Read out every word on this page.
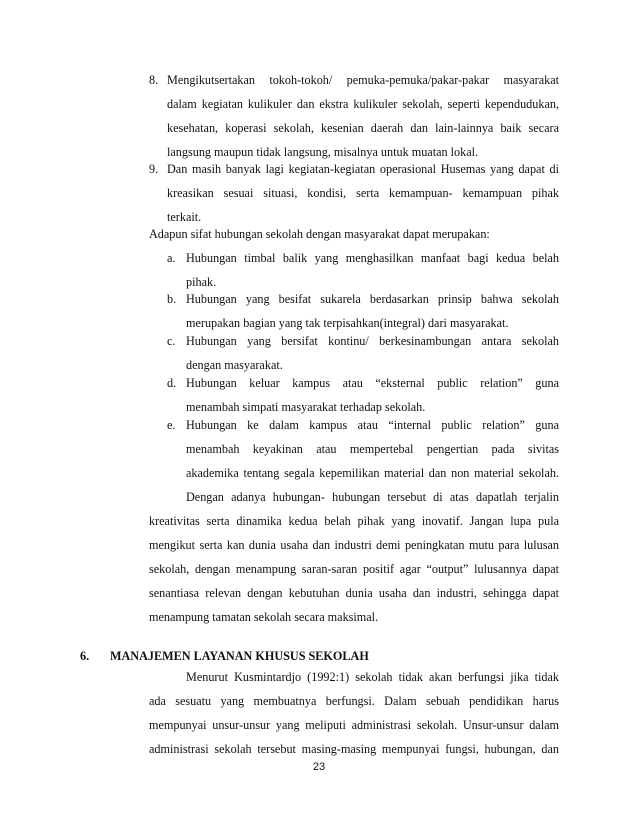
8. Mengikutsertakan tokoh-tokoh/ pemuka-pemuka/pakar-pakar masyarakat
dalam kegiatan kulikuler dan ekstra kulikuler sekolah, seperti kependudukan,
kesehatan, koperasi sekolah, kesenian daerah dan lain-lainnya baik secara
langsung maupun tidak langsung, misalnya untuk muatan lokal.
9. Dan masih banyak lagi kegiatan-kegiatan operasional Husemas yang dapat di
kreasikan sesuai situasi, kondisi, serta kemampuan- kemampuan pihak
terkait.
Adapun sifat hubungan sekolah dengan masyarakat dapat merupakan:
a. Hubungan timbal balik yang menghasilkan manfaat bagi kedua belah
pihak.
b. Hubungan yang besifat sukarela berdasarkan prinsip bahwa sekolah
merupakan bagian yang tak terpisahkan(integral) dari masyarakat.
c. Hubungan yang bersifat kontinu/ berkesinambungan antara sekolah
dengan masyarakat.
d. Hubungan keluar kampus atau “eksternal public relation” guna
menambah simpati masyarakat terhadap sekolah.
e. Hubungan ke dalam kampus atau “internal public relation” guna
menambah keyakinan atau mempertebal pengertian pada sivitas
akademika tentang segala kepemilikan material dan non material sekolah.
Dengan adanya hubungan- hubungan tersebut di atas dapatlah terjalin
kreativitas serta dinamika kedua belah pihak yang inovatif. Jangan lupa pula
mengikut serta kan dunia usaha dan industri demi peningkatan mutu para lulusan
sekolah, dengan menampung saran-saran positif agar “output” lulusannya dapat
senantiasa relevan dengan kebutuhan dunia usaha dan industri, sehingga dapat
menampung tamatan sekolah secara maksimal.
6. MANAJEMEN LAYANAN KHUSUS SEKOLAH
Menurut Kusmintardjo (1992:1) sekolah tidak akan berfungsi jika tidak
ada sesuatu yang membuatnya berfungsi. Dalam sebuah pendidikan harus
mempunyai unsur-unsur yang meliputi administrasi sekolah. Unsur-unsur dalam
administrasi sekolah tersebut masing-masing mempunyai fungsi, hubungan, dan
23
